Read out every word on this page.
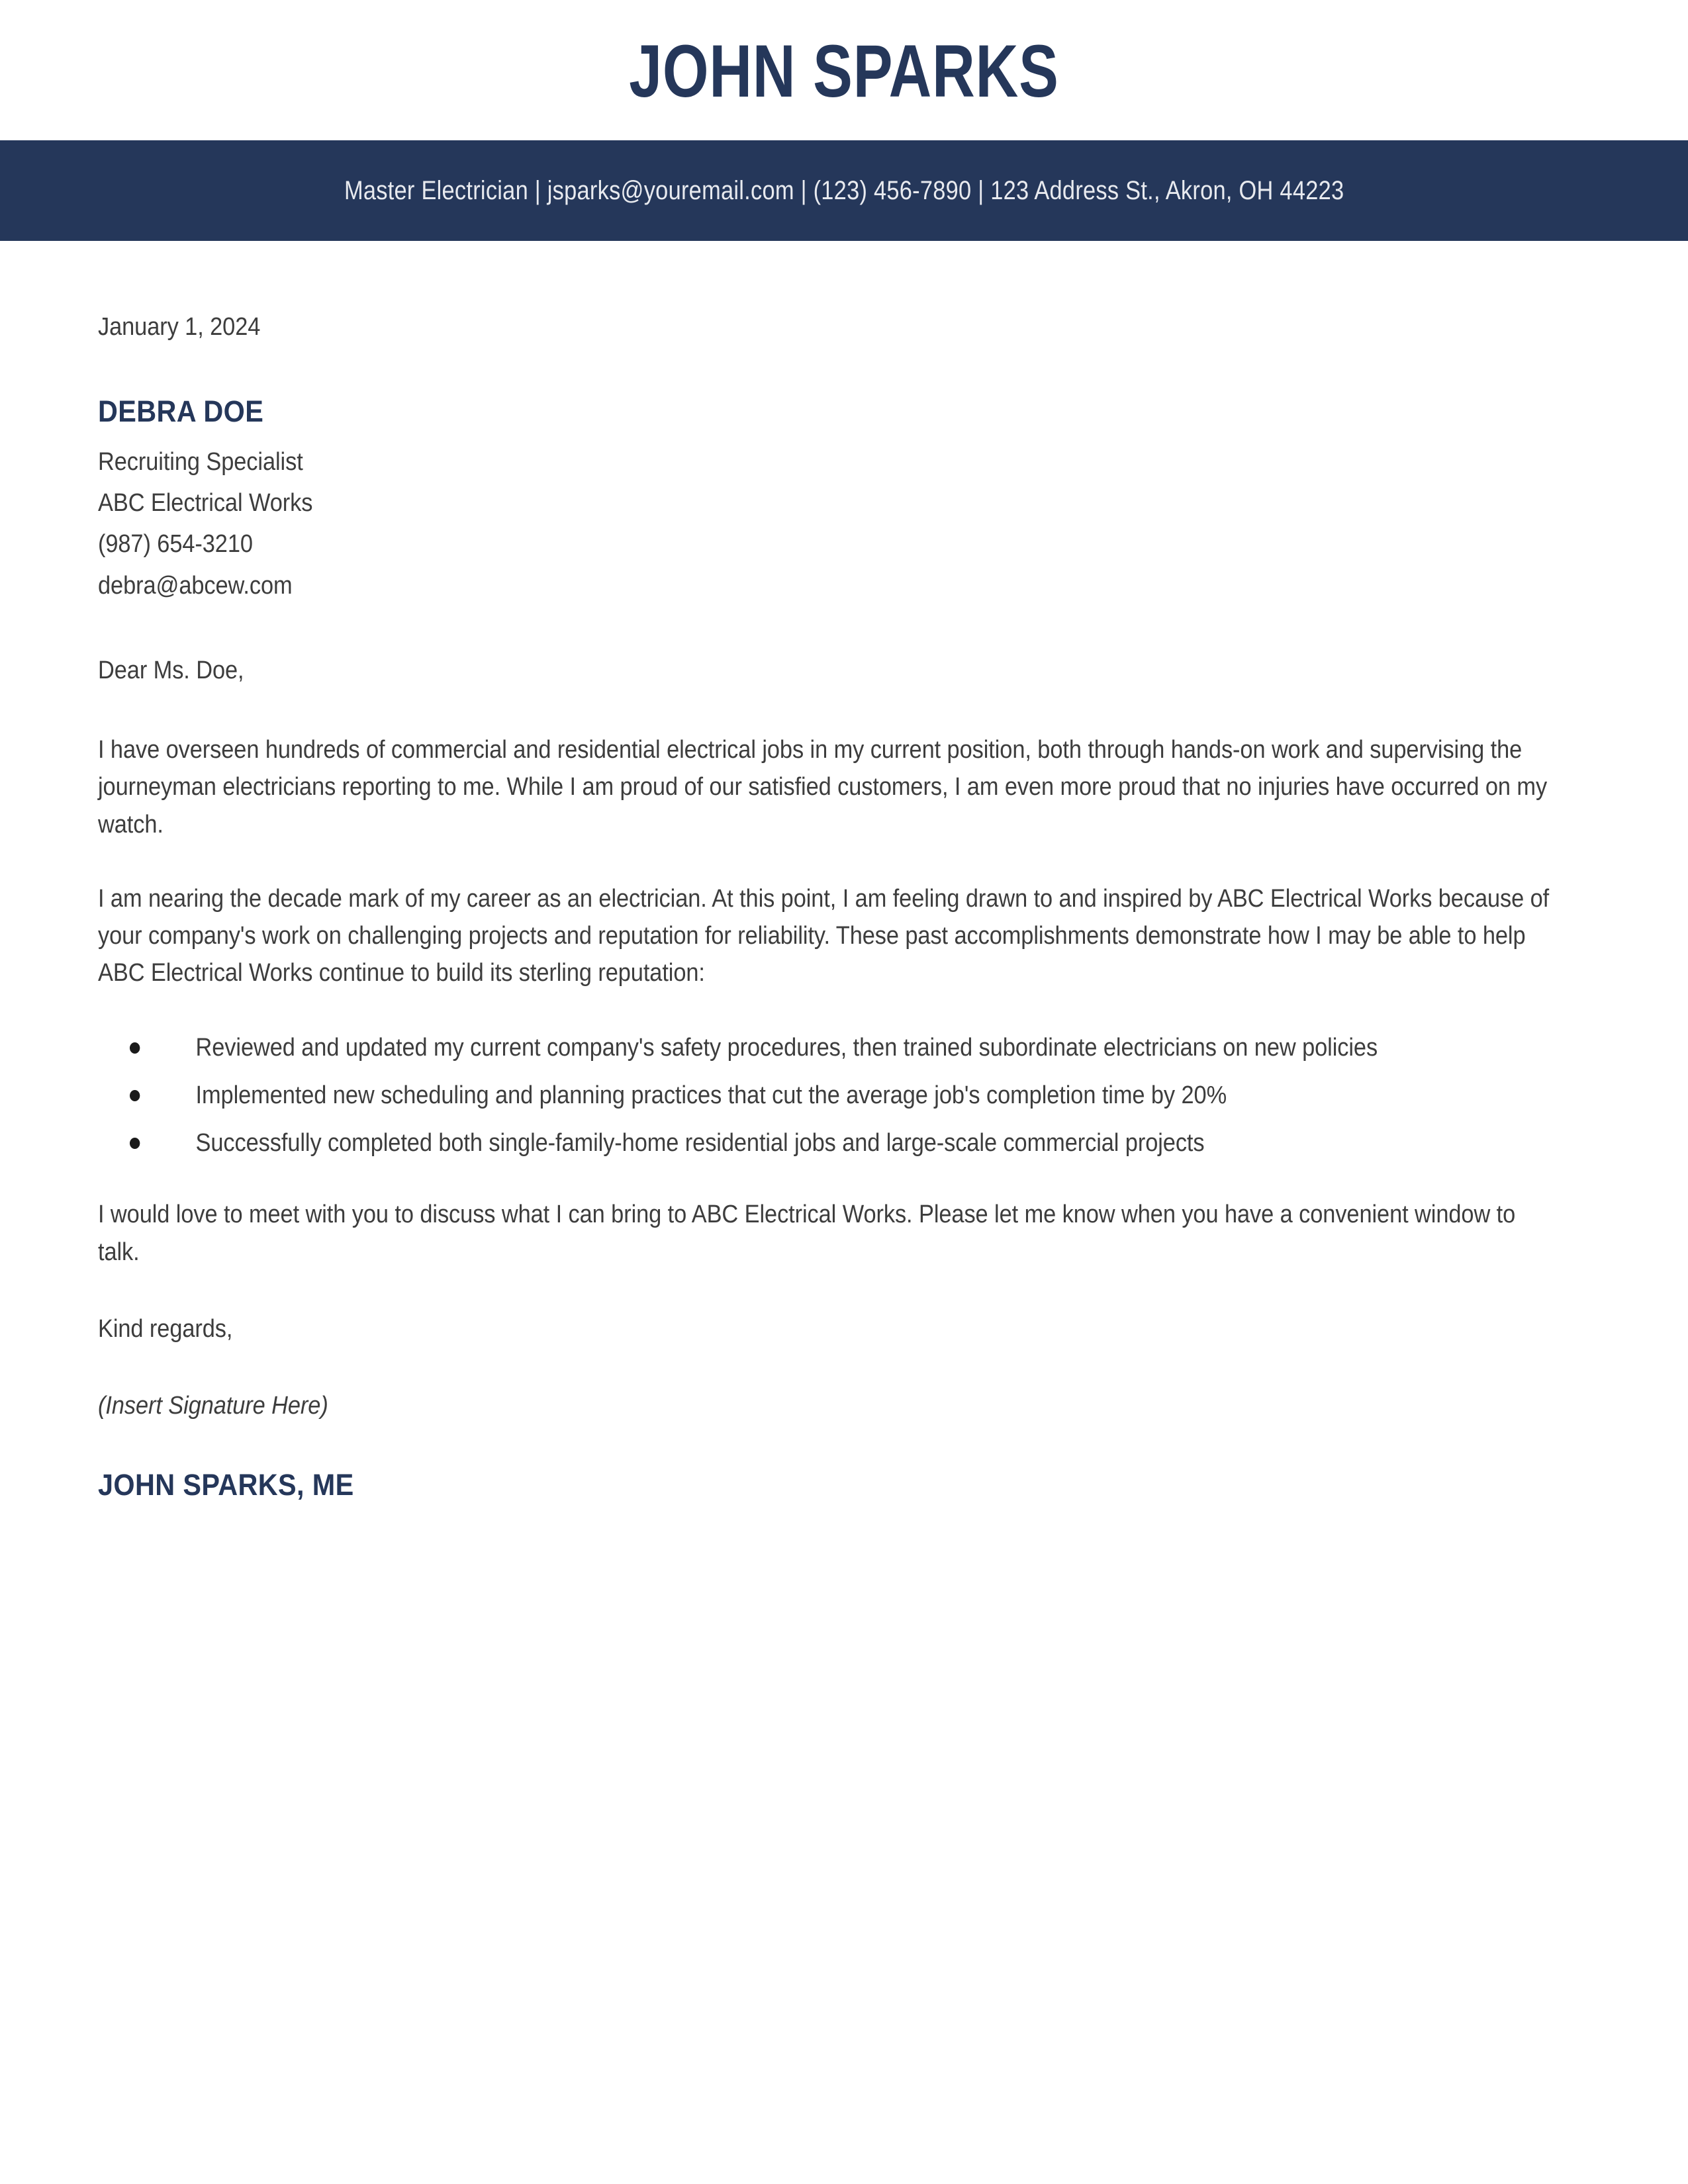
JOHN SPARKS
Master Electrician | jsparks@youremail.com | (123) 456-7890 | 123 Address St., Akron, OH 44223
January 1, 2024
DEBRA DOE
Recruiting Specialist
ABC Electrical Works
(987) 654-3210
debra@abcew.com
Dear Ms. Doe,
I have overseen hundreds of commercial and residential electrical jobs in my current position, both through hands-on work and supervising the journeyman electricians reporting to me. While I am proud of our satisfied customers, I am even more proud that no injuries have occurred on my watch.
I am nearing the decade mark of my career as an electrician. At this point, I am feeling drawn to and inspired by ABC Electrical Works because of your company's work on challenging projects and reputation for reliability. These past accomplishments demonstrate how I may be able to help ABC Electrical Works continue to build its sterling reputation:
Reviewed and updated my current company's safety procedures, then trained subordinate electricians on new policies
Implemented new scheduling and planning practices that cut the average job's completion time by 20%
Successfully completed both single-family-home residential jobs and large-scale commercial projects
I would love to meet with you to discuss what I can bring to ABC Electrical Works. Please let me know when you have a convenient window to talk.
Kind regards,
(Insert Signature Here)
JOHN SPARKS, ME
